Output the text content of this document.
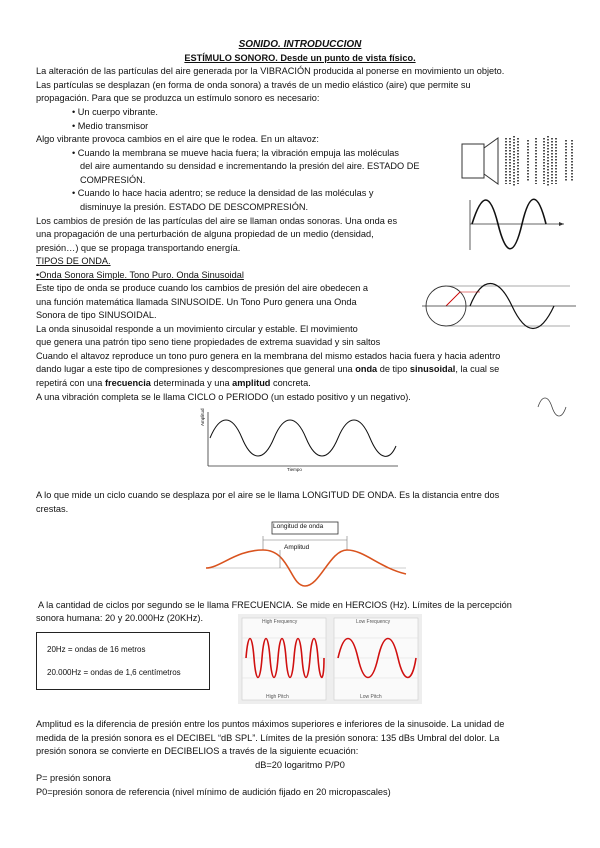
SONIDO. INTRODUCCION
ESTÍMULO SONORO. Desde un punto de vista físico.
La alteración de las partículas del aire generada por la VIBRACIÓN producida al ponerse en movimiento un objeto.
Las partículas se desplazan (en forma de onda sonora) a través de un medio elástico (aire) que permite su
propagación. Para que se produzca un estímulo sonoro es necesario:
• Un cuerpo vibrante.
• Medio transmisor
Algo vibrante provoca cambios en el aire que le rodea. En un altavoz:
• Cuando la membrana se mueve hacia fuera; la vibración empuja las moléculas
del aire aumentando su densidad e incrementando la presión del aire. ESTADO DE
COMPRESIÓN.
• Cuando lo hace hacia adentro; se reduce la densidad de las moléculas y
disminuye la presión. ESTADO DE DESCOMPRESIÓN.
Los cambios de presión de las partículas del aire se llaman ondas sonoras. Una onda es
una propagación de una perturbación de alguna propiedad de un medio (densidad,
presión…) que se propaga transportando energía.
TIPOS DE ONDA.
•Onda Sonora Simple. Tono Puro. Onda Sinusoidal
Este tipo de onda se produce cuando los cambios de presión del aire obedecen a
una función matemática llamada SINUSOIDE. Un Tono Puro genera una Onda
Sonora de tipo SINUSOIDAL.
La onda sinusoidal responde a un movimiento circular y estable. El movimiento
que genera una patrón tipo seno tiene propiedades de extrema suavidad y sin saltos
Cuando el altavoz reproduce un tono puro genera en la membrana del mismo estados hacia fuera y hacia adentro
dando lugar a este tipo de compresiones y descompresiones que general una onda de tipo sinusoidal, la cual se
repetirá con una frecuencia determinada y una amplitud concreta.
A una vibración completa se le llama CICLO o PERIODO (un estado positivo y un negativo).
Amplitud
Tiempo
A lo que mide un ciclo cuando se desplaza por el aire se le llama LONGITUD DE ONDA. Es la distancia entre dos
crestas.
Longitud de onda
Amplitud
A la cantidad de ciclos por segundo se le llama FRECUENCIA. Se mide en HERCIOS (Hz). Límites de la percepción
sonora humana: 20 y 20.000Hz (20KHz).
20Hz = ondas de 16 metros
20.000Hz = ondas de 1,6 centímetros
High Frequency	Low Frequency
High Pitch	Low Pitch
Amplitud es la diferencia de presión entre los puntos máximos superiores e inferiores de la sinusoide. La unidad de
medida de la presión sonora es el DECIBEL “dB SPL”. Límites de la presión sonora: 135 dBs Umbral del dolor. La
presión sonora se convierte en DECIBELIOS a través de la siguiente ecuación:
dB=20 logaritmo P/P0
P= presión sonora
P0=presión sonora de referencia (nivel mínimo de audición fijado en 20 micropascales)
